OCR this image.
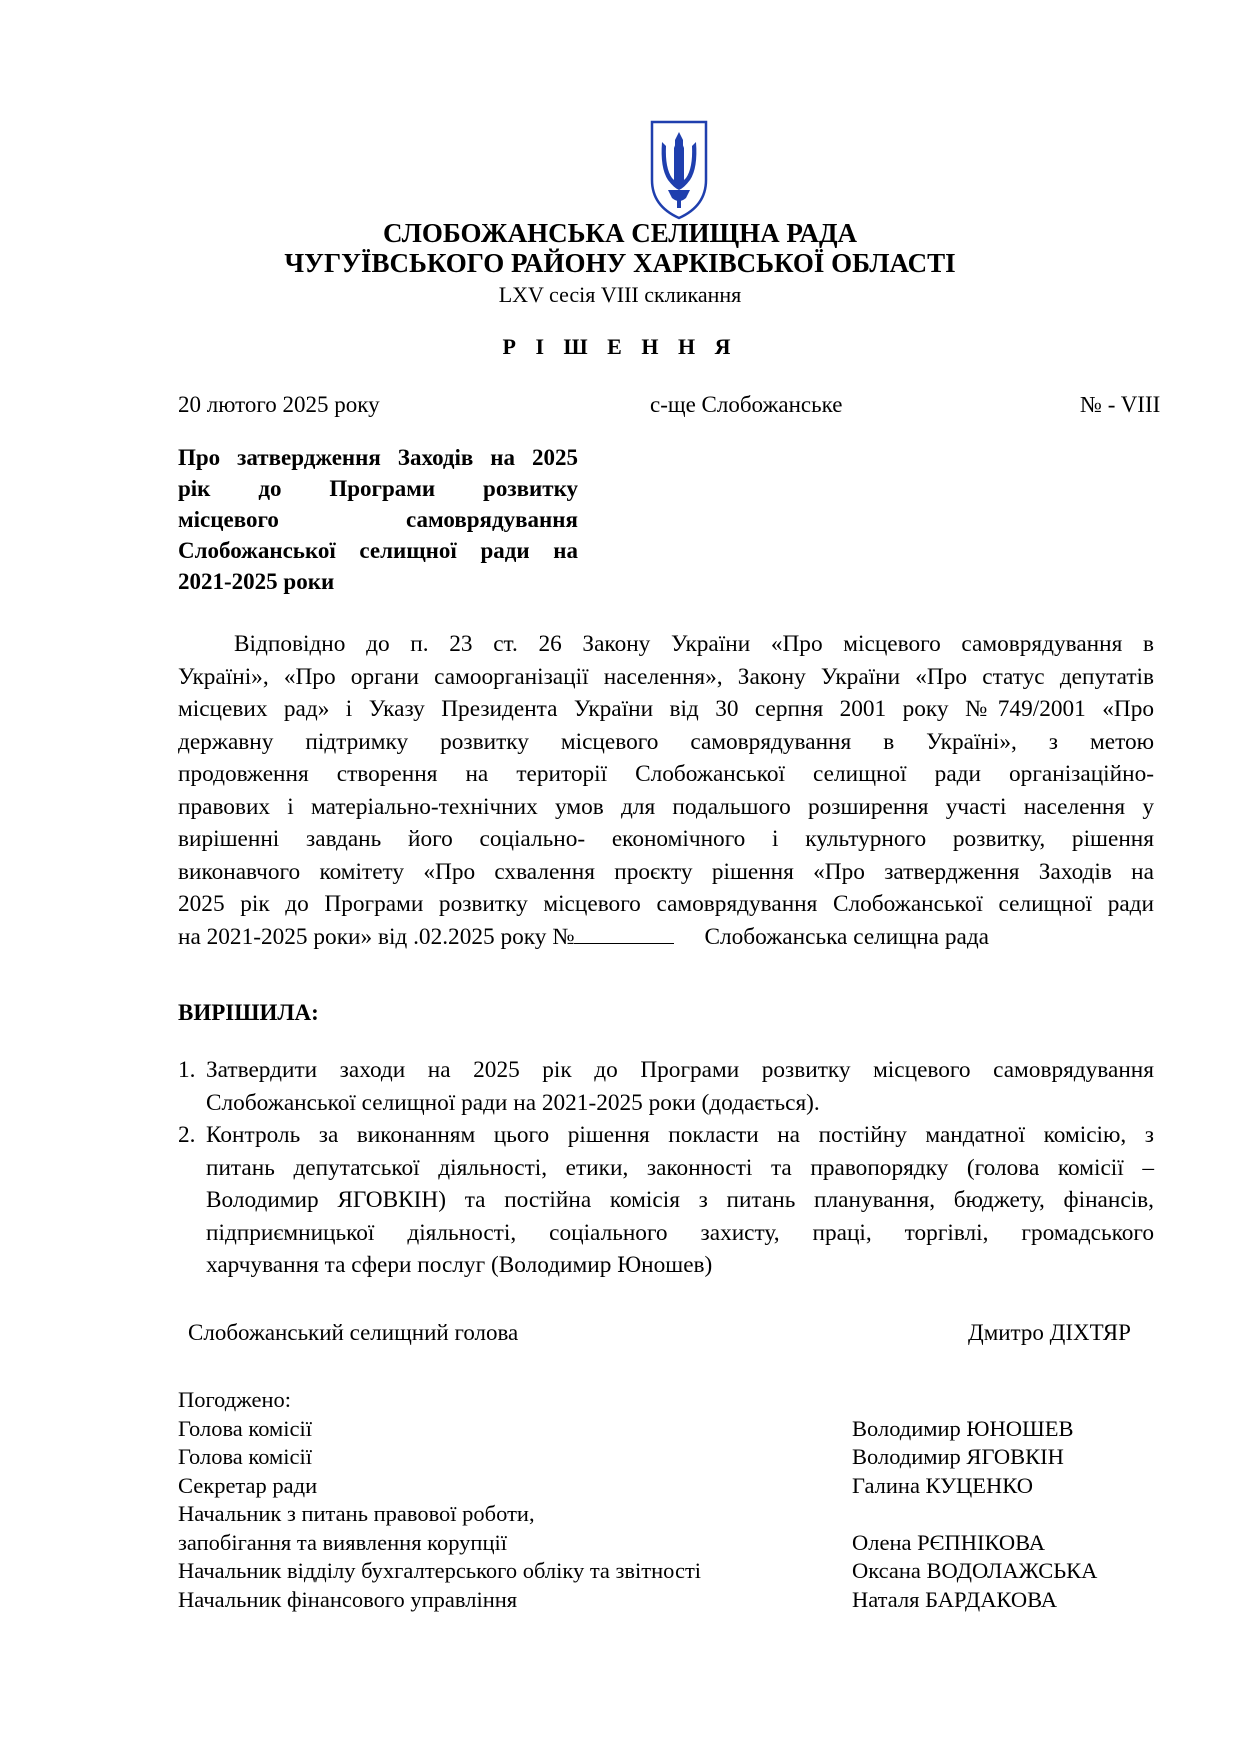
СЛОБОЖАНСЬКА СЕЛИЩНА РАДА
ЧУГУЇВСЬКОГО РАЙОНУ ХАРКІВСЬКОЇ ОБЛАСТІ
LXV сесія VIII скликання
Р І Ш Е Н Н Я
20 лютого 2025 року	с-ще Слобожанське	№ - VIII
Про затвердження Заходів на 2025
рік до Програми розвитку
місцевого самоврядування
Слобожанської селищної ради на
2021-2025 роки
Відповідно до п. 23 ст. 26 Закону України «Про місцевого самоврядування в
Україні», «Про органи самоорганізації населення», Закону України «Про статус депутатів
місцевих рад» і Указу Президента України від 30 серпня 2001 року №749/2001 «Про
державну підтримку розвитку місцевого самоврядування в Україні», з метою
продовження створення на території Слобожанської селищної ради організаційно-
правових і матеріально-технічних умов для подальшого розширення участі населення у
вирішенні завдань його соціально- економічного і культурного розвитку, рішення
виконавчого комітету «Про схвалення проєкту рішення «Про затвердження Заходів на
2025 рік до Програми розвитку місцевого самоврядування Слобожанської селищної ради
на 2021-2025 роки» від .02.2025 року №	Слобожанська селищна рада
ВИРІШИЛА:
1. Затвердити заходи на 2025 рік до Програми розвитку місцевого самоврядування
Слобожанської селищної ради на 2021-2025 роки (додається).
2. Контроль за виконанням цього рішення покласти на постійну мандатної комісію, з
питань депутатської діяльності, етики, законності та правопорядку (голова комісії –
Володимир ЯГОВКІН) та постійна комісія з питань планування, бюджету, фінансів,
підприємницької діяльності, соціального захисту, праці, торгівлі, громадського
харчування та сфери послуг (Володимир Юношев)
Слобожанський селищний голова	Дмитро ДІХТЯР
Погоджено:
Голова комісії	Володимир ЮНОШЕВ
Голова комісії	Володимир ЯГОВКІН
Секретар ради	Галина КУЦЕНКО
Начальник з питань правової роботи,
запобігання та виявлення корупції	Олена РЄПНІКОВА
Начальник відділу бухгалтерського обліку та звітності	Оксана ВОДОЛАЖСЬКА
Начальник фінансового управління	Наталя БАРДАКОВА
